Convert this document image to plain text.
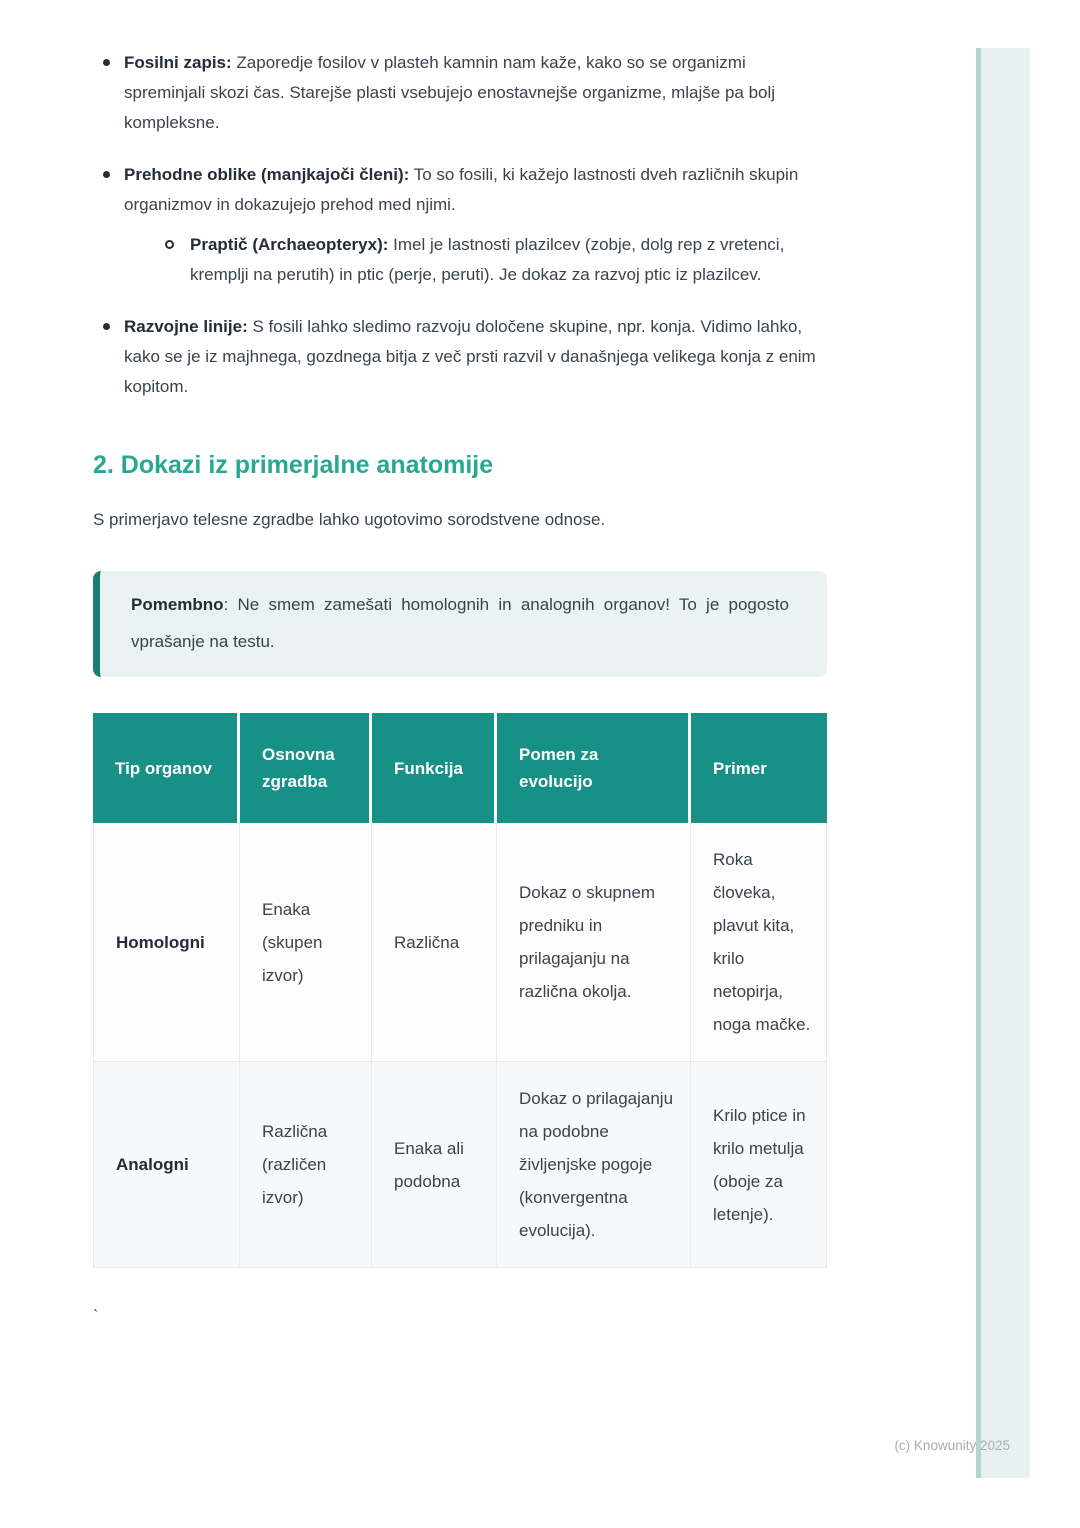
Fosilni zapis: Zaporedje fosilov v plasteh kamnin nam kaže, kako so se organizmi spreminjali skozi čas. Starejše plasti vsebujejo enostavnejše organizme, mlajše pa bolj kompleksne.
Prehodne oblike (manjkajoči členi): To so fosili, ki kažejo lastnosti dveh različnih skupin organizmov in dokazujejo prehod med njimi.
Praptič (Archaeopteryx): Imel je lastnosti plazilcev (zobje, dolg rep z vretenci, kremplji na perutih) in ptic (perje, peruti). Je dokaz za razvoj ptic iz plazilcev.
Razvojne linije: S fosili lahko sledimo razvoju določene skupine, npr. konja. Vidimo lahko, kako se je iz majhnega, gozdnega bitja z več prsti razvil v današnjega velikega konja z enim kopitom.
2. Dokazi iz primerjalne anatomije

S primerjavo telesne zgradbe lahko ugotovimo sorodstvene odnose.

Pomembno: Ne smem zamešati homolognih in analognih organov! To je pogosto vprašanje na testu.
Tip organov	Osnovna zgradba	Funkcija	Pomen za evolucijo	Primer
Homologni	Enaka (skupen izvor)	Različna	Dokaz o skupnem predniku in prilagajanju na različna okolja.	Roka človeka, plavut kita, krilo netopirja, noga mačke.
Analogni	Različna (različen izvor)	Enaka ali podobna	Dokaz o prilagajanju na podobne življenjske pogoje (konvergentna evolucija).	Krilo ptice in krilo metulja (oboje za letenje).
`
(c) Knowunity 2025
